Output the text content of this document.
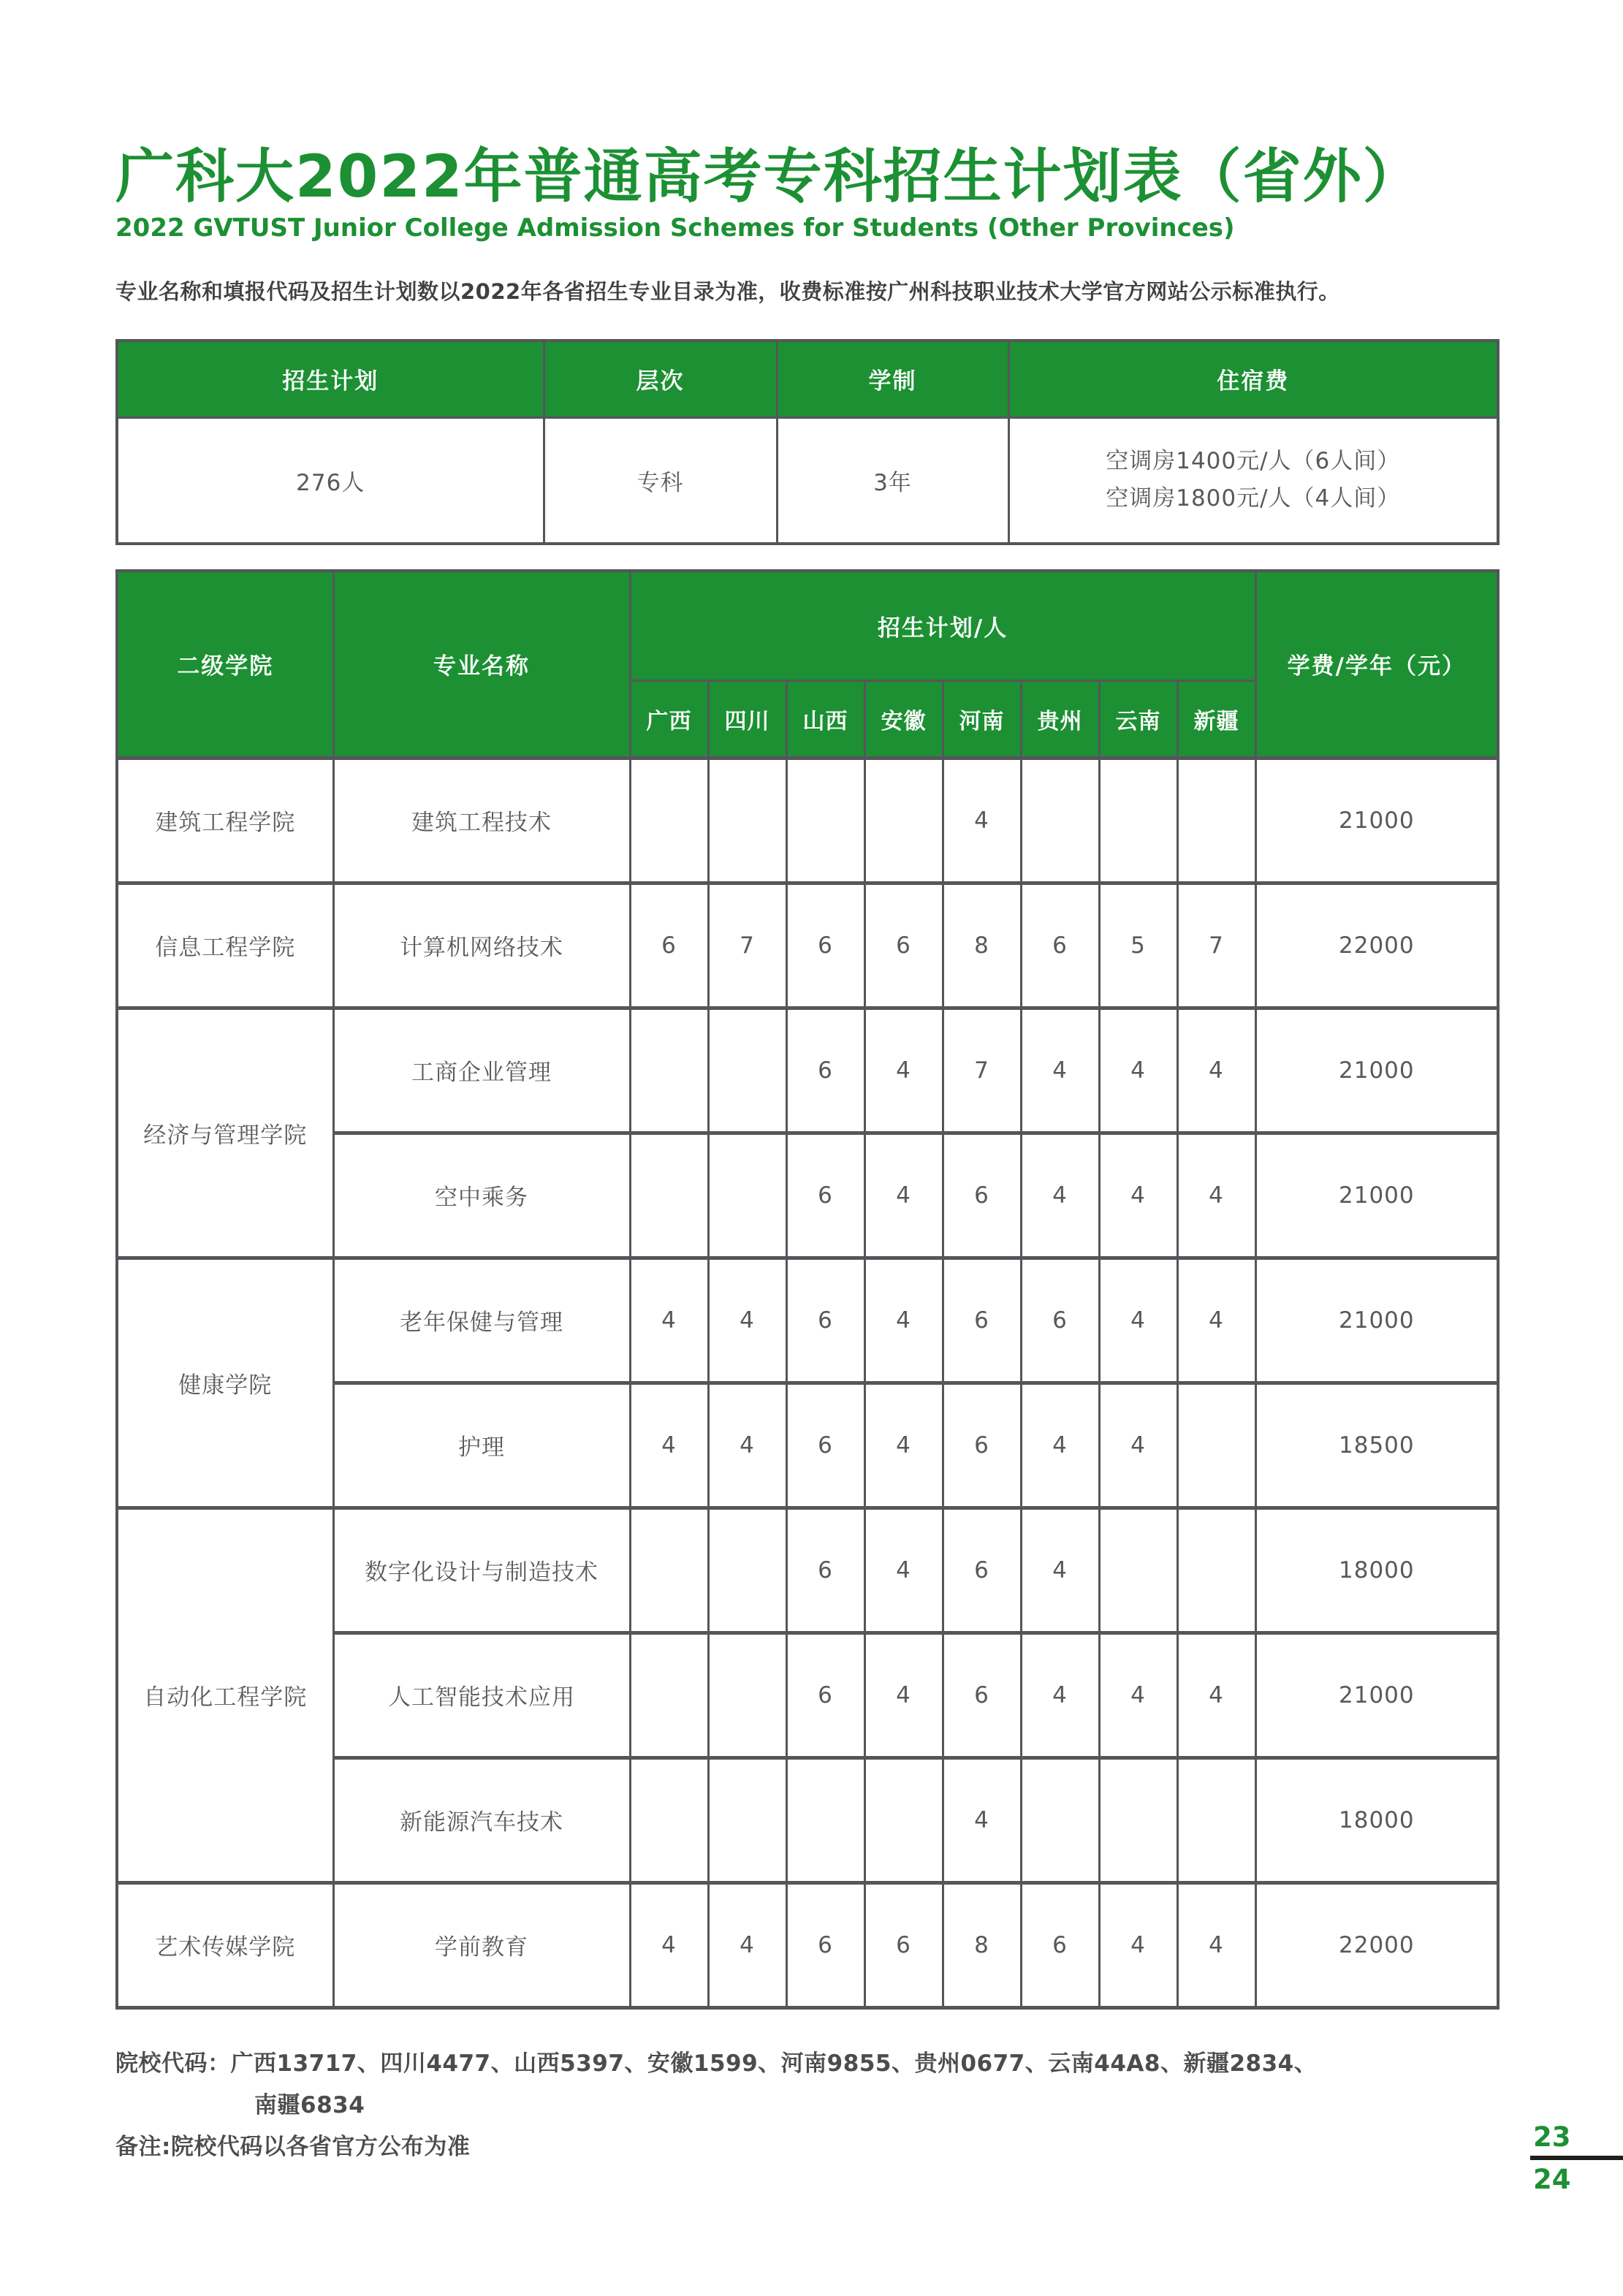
广科大2022年普通高考专科招生计划表（省外）
2022 GVTUST Junior College Admission Schemes for Students (Other Provinces)
专业名称和填报代码及招生计划数以2022年各省招生专业目录为准，收费标准按广州科技职业技术大学官方网站公示标准执行。
招生计划	层次	学制	住宿费
276人	专科	3年	空调房1400元/人（6人间）
空调房1800元/人（4人间）
二级学院	专业名称	招生计划/人								学费/学年（元）
		广西	四川	山西	安徽	河南	贵州	云南	新疆	
建筑工程学院	建筑工程技术					4				21000
信息工程学院	计算机网络技术	6	7	6	6	8	6	5	7	22000
经济与管理学院	工商企业管理			6	4	7	4	4	4	21000
	空中乘务			6	4	6	4	4	4	21000
健康学院	老年保健与管理	4	4	6	4	6	6	4	4	21000
	护理	4	4	6	4	6	4	4		18500
自动化工程学院	数字化设计与制造技术			6	4	6	4			18000
	人工智能技术应用			6	4	6	4	4	4	21000
	新能源汽车技术					4				18000
艺术传媒学院	学前教育	4	4	6	6	8	6	4	4	22000
院校代码：广西13717、四川4477、山西5397、安徽1599、河南9855、贵州0677、云南44A8、新疆2834、
南疆6834
备注:院校代码以各省官方公布为准	23
24
